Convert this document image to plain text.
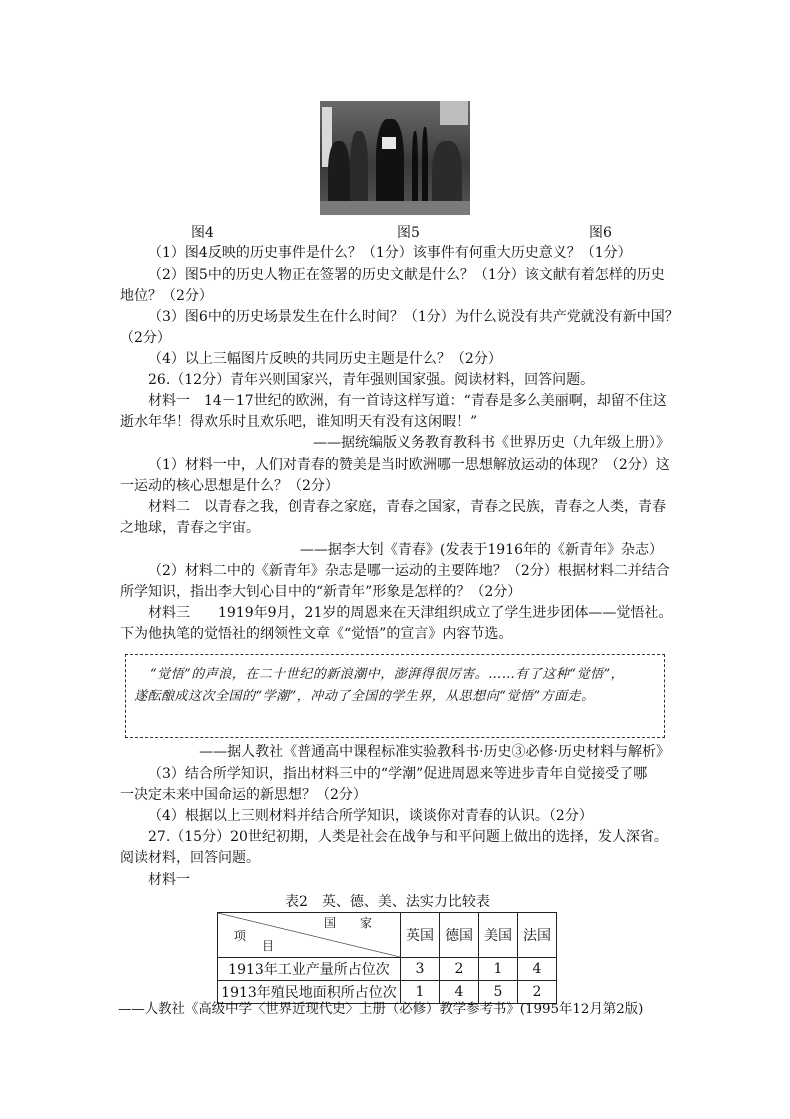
图4	图5	图6
（1）图4反映的历史事件是什么？（1分）该事件有何重大历史意义？（1分）
（2）图5中的历史人物正在签署的历史文献是什么？（1分）该文献有着怎样的历史
地位？（2分）
（3）图6中的历史场景发生在什么时间？（1分）为什么说没有共产党就没有新中国？
（2分）
（4）以上三幅图片反映的共同历史主题是什么？（2分）
26.（12分）青年兴则国家兴，青年强则国家强。阅读材料，回答问题。
材料一　14－17世纪的欧洲，有一首诗这样写道：“青春是多么美丽啊，却留不住这
逝水年华！得欢乐时且欢乐吧，谁知明天有没有这闲暇！”
——据统编版义务教育教科书《世界历史（九年级上册）》
（1）材料一中，人们对青春的赞美是当时欧洲哪一思想解放运动的体现？（2分）这
一运动的核心思想是什么？（2分）
材料二　以青春之我，创青春之家庭，青春之国家，青春之民族，青春之人类，青春
之地球，青春之宇宙。
——据李大钊《青春》(发表于1916年的《新青年》杂志）
（2）材料二中的《新青年》杂志是哪一运动的主要阵地？（2分）根据材料二并结合
所学知识，指出李大钊心目中的“新青年”形象是怎样的？（2分）
材料三　　1919年9月，21岁的周恩来在天津组织成立了学生进步团体——觉悟社。
下为他执笔的觉悟社的纲领性文章《“觉悟”的宣言》内容节选。

“觉悟”的声浪，在二十世纪的新浪潮中，澎湃得很厉害。……有了这种“觉悟”，

遂酝酿成这次全国的“学潮”，冲动了全国的学生界，从思想向“觉悟”方面走。

——据人教社《普通高中课程标准实验教科书·历史③必修·历史材料与解析》
（3）结合所学知识，指出材料三中的“学潮”促进周恩来等进步青年自觉接受了哪
一决定未来中国命运的新思想？（2分）
（4）根据以上三则材料并结合所学知识，谈谈你对青春的认识。（2分）
27.（15分）20世纪初期，人类是社会在战争与和平问题上做出的选择，发人深省。
阅读材料，回答问题。
材料一
表2　英、德、美、法实力比较表
国　　家
项
目	英国	德国	美国	法国
1913年工业产量所占位次	3	2	1	4
1913年殖民地面积所占位次	1	4	5	2
——人教社《高级中学〈世界近现代史〉上册（必修）教学参考书》(1995年12月第2版)
